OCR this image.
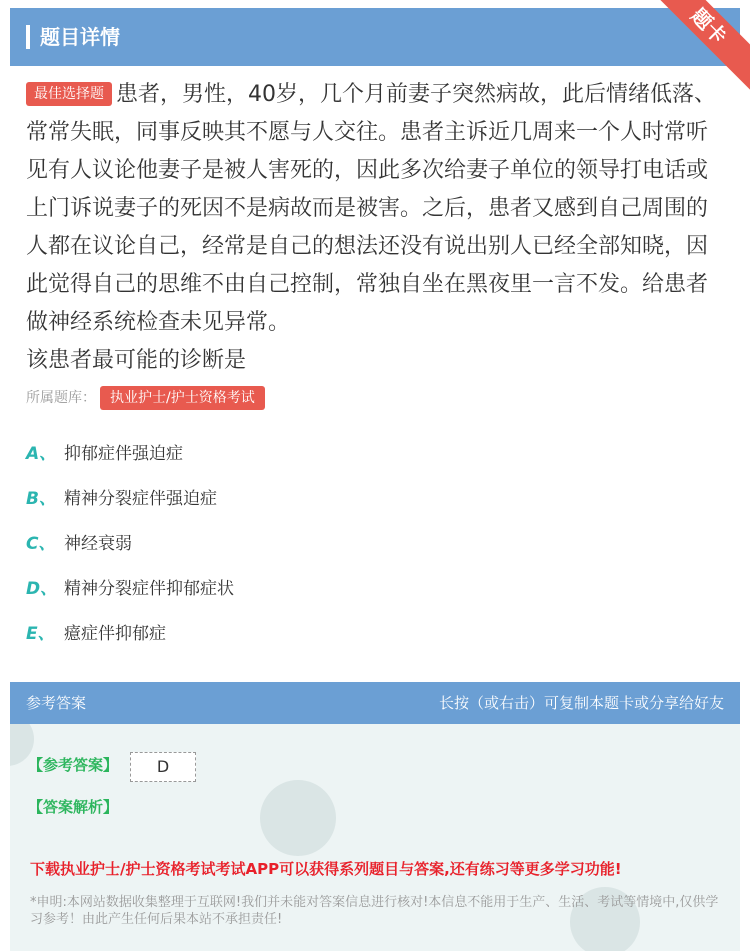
题目详情	题卡
最佳选择题 患者，男性，40岁，几个月前妻子突然病故，此后情绪低落、常常失眠，同事反映其不愿与人交往。患者主诉近几周来一个人时常听见有人议论他妻子是被人害死的，因此多次给妻子单位的领导打电话或上门诉说妻子的死因不是病故而是被害。之后，患者又感到自己周围的人都在议论自己，经常是自己的想法还没有说出别人已经全部知晓，因此觉得自己的思维不由自己控制，常独自坐在黑夜里一言不发。给患者做神经系统检查未见异常。
该患者最可能的诊断是
所属题库： 执业护士/护士资格考试
A、 抑郁症伴强迫症
B、 精神分裂症伴强迫症
C、 神经衰弱
D、 精神分裂症伴抑郁症状
E、 癔症伴抑郁症
参考答案	长按（或右击）可复制本题卡或分享给好友
【参考答案】	D
【答案解析】
下载执业护士/护士资格考试考试APP可以获得系列题目与答案,还有练习等更多学习功能!
*申明:本网站数据收集整理于互联网!我们并未能对答案信息进行核对!本信息不能用于生产、生活、考试等情境中,仅供学习参考！由此产生任何后果本站不承担责任!
